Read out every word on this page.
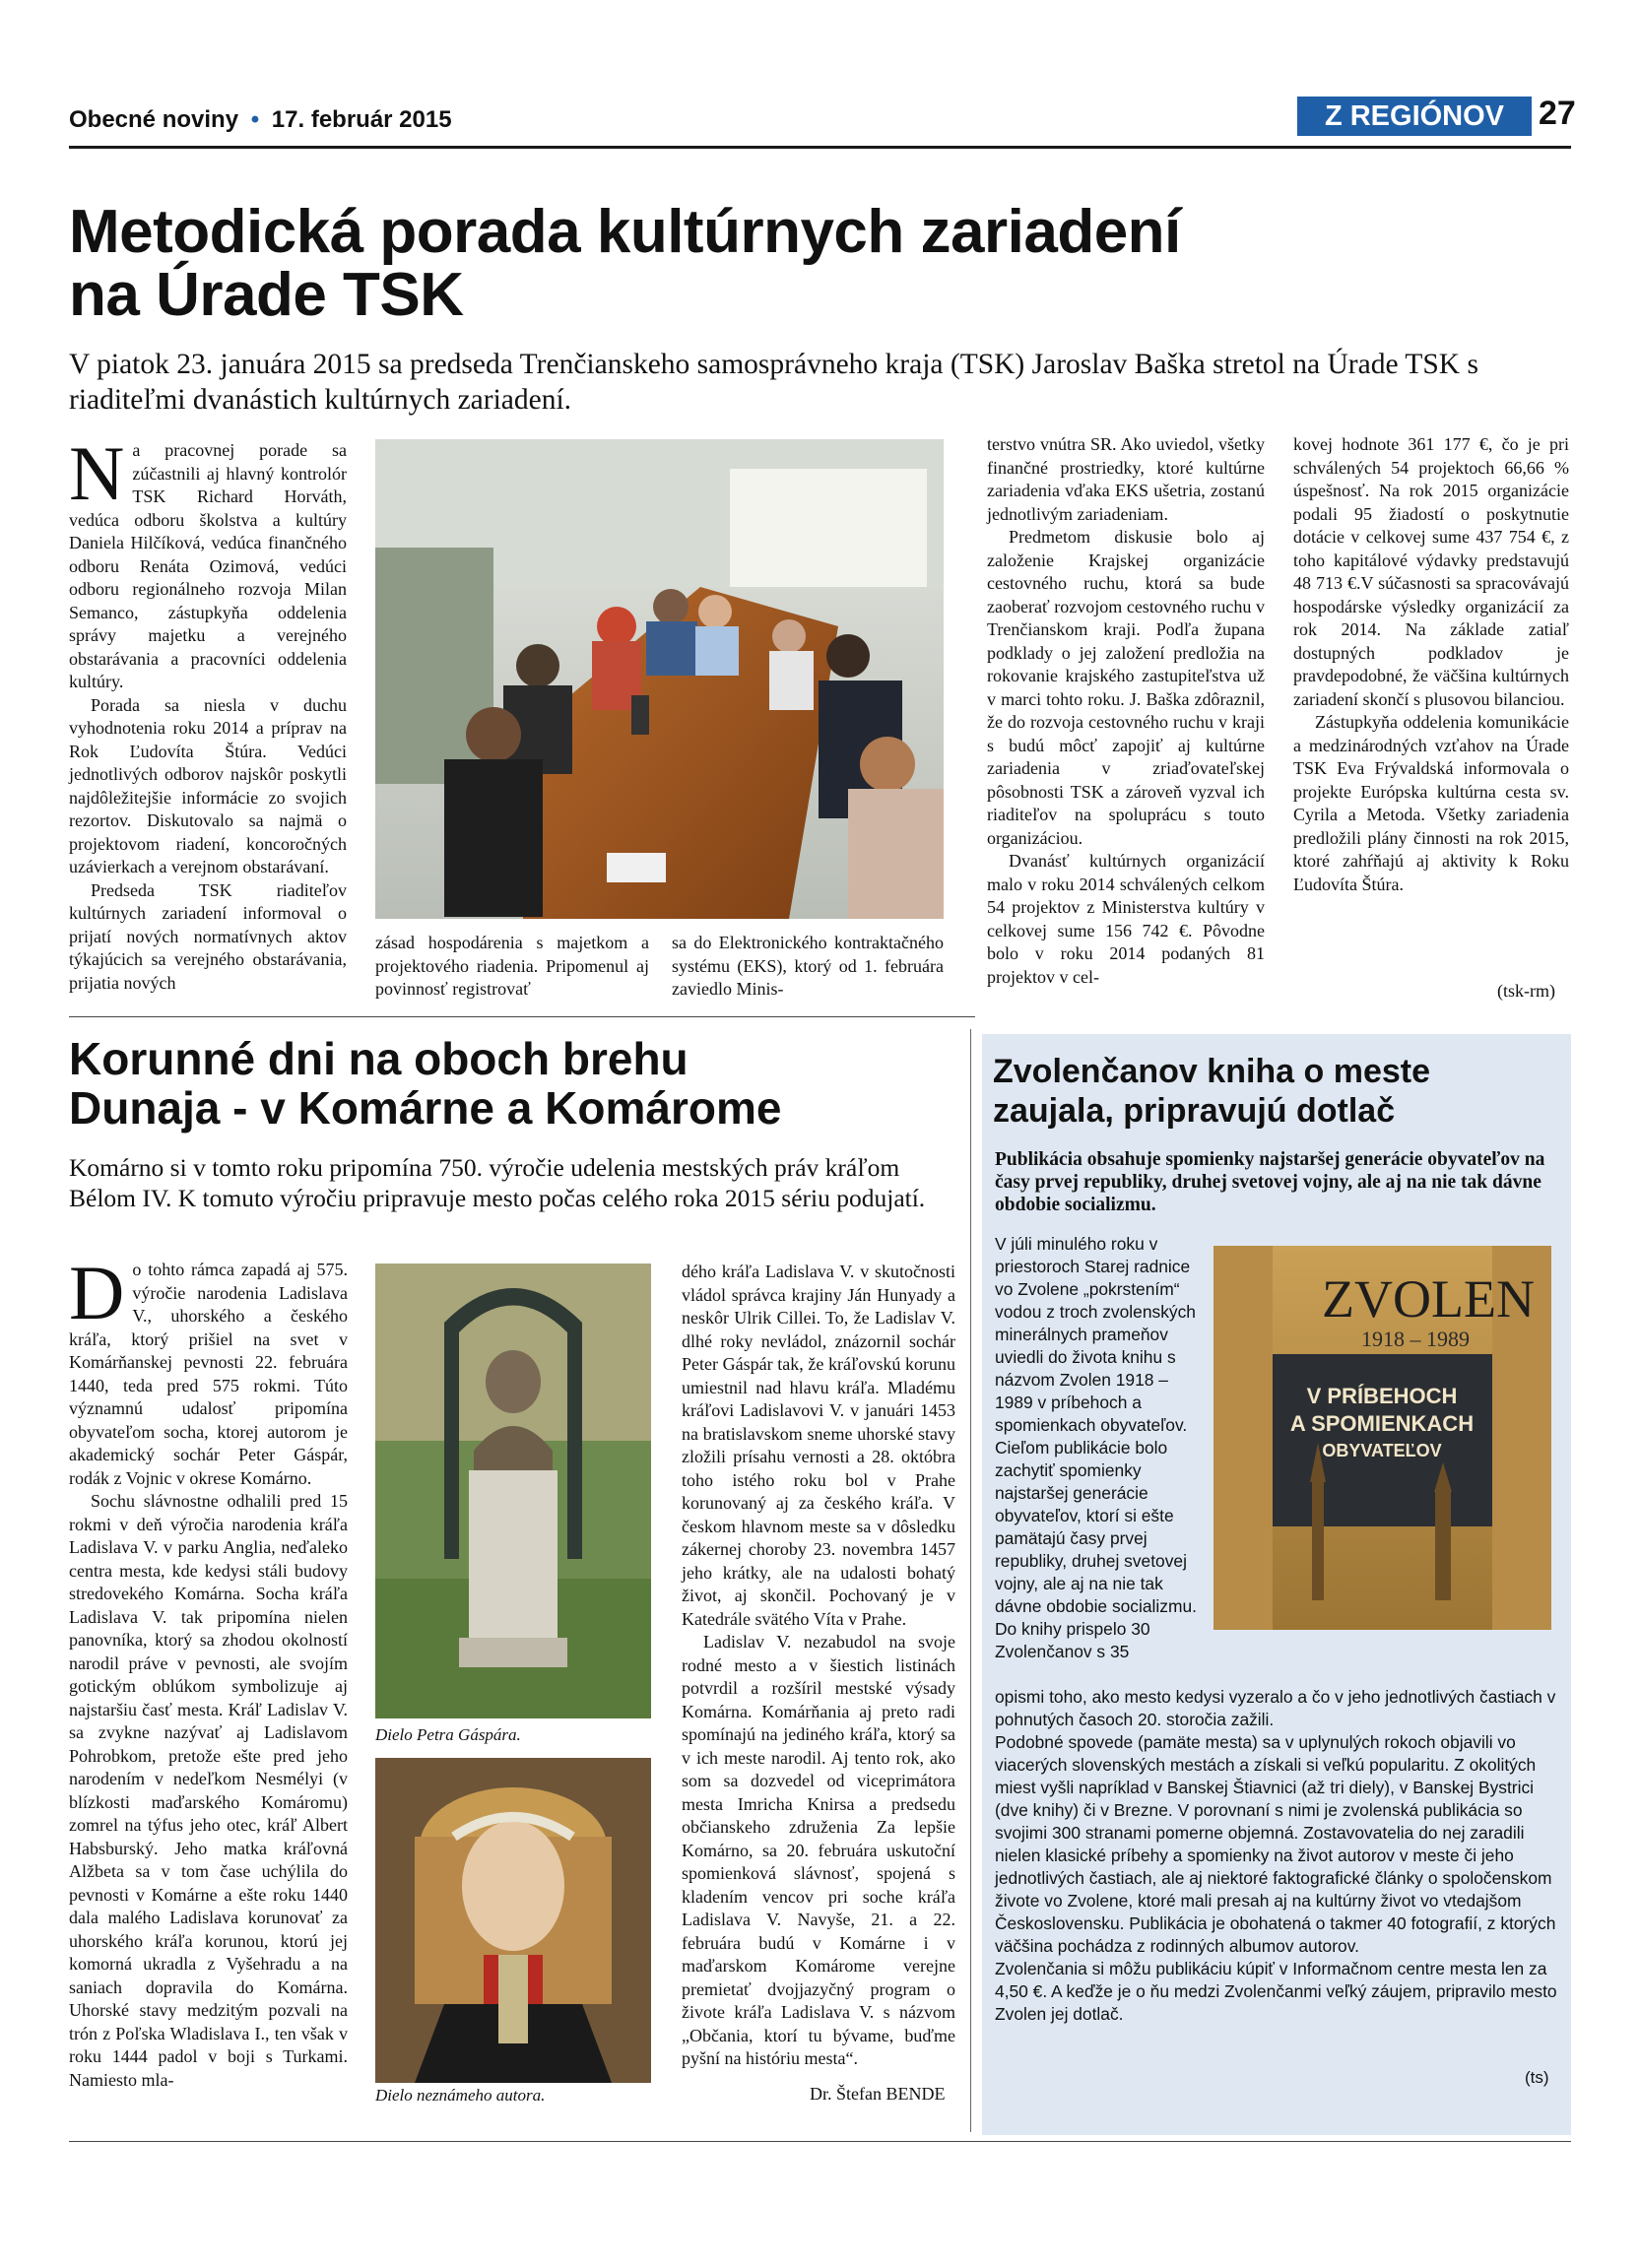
Obecné noviny • 17. február 2015	Z REGIÓNOV	27
Metodická porada kultúrnych zariadení
na Úrade TSK
V piatok 23. januára 2015 sa predseda Trenčianskeho samosprávneho kraja (TSK) Jaroslav Baška stretol na Úrade TSK s riaditeľmi dvanástich kultúrnych zariadení.

Na pracovnej porade sa zúčastnili aj hlavný kontrolór TSK Richard Horváth, vedúca odboru školstva a kultúry Daniela Hilčíková, vedúca finančného odboru Renáta Ozimová, vedúci odboru regionálneho rozvoja Milan Semanco, zástupkyňa oddelenia správy majetku a verejného obstarávania a pracovníci oddelenia kultúry.

Porada sa niesla v duchu vyhodnotenia roku 2014 a príprav na Rok Ľudovíta Štúra. Vedúci jednotlivých odborov najskôr poskytli najdôležitejšie informácie zo svojich rezortov. Diskutovalo sa najmä o projektovom riadení, koncoročných uzávierkach a verejnom obstarávaní.

Predseda TSK riaditeľov kultúrnych zariadení informoval o prijatí nových normatívnych aktov týkajúcich sa verejného obstarávania, prijatia nových

zásad hospodárenia s majetkom a projektového riadenia. Pripomenul aj povinnosť registrovať

sa do Elektronického kontraktačného systému (EKS), ktorý od 1. februára zaviedlo Minis-

terstvo vnútra SR. Ako uviedol, všetky finančné prostriedky, ktoré kultúrne zariadenia vďaka EKS ušetria, zostanú jednotlivým zariadeniam.

Predmetom diskusie bolo aj založenie Krajskej organizácie cestovného ruchu, ktorá sa bude zaoberať rozvojom cestovného ruchu v Trenčianskom kraji. Podľa župana podklady o jej založení predložia na rokovanie krajského zastupiteľstva už v marci tohto roku. J. Baška zdôraznil, že do rozvoja cestovného ruchu v kraji s budú môcť zapojiť aj kultúrne zariadenia v zriaďovateľskej pôsobnosti TSK a zároveň vyzval ich riaditeľov na spoluprácu s touto organizáciou.

Dvanásť kultúrnych organizácií malo v roku 2014 schválených celkom 54 projektov z Ministerstva kultúry v celkovej sume 156 742 €. Pôvodne bolo v roku 2014 podaných 81 projektov v cel-

kovej hodnote 361 177 €, čo je pri schválených 54 projektoch 66,66 % úspešnosť. Na rok 2015 organizácie podali 95 žiadostí o poskytnutie dotácie v celkovej sume 437 754 €, z toho kapitálové výdavky predstavujú 48 713 €.V súčasnosti sa spracovávajú hospodárske výsledky organizácií za rok 2014. Na základe zatiaľ dostupných podkladov je pravdepodobné, že väčšina kultúrnych zariadení skončí s plusovou bilanciou.

Zástupkyňa oddelenia komunikácie a medzinárodných vzťahov na Úrade TSK Eva Frývaldská informovala o projekte Európska kultúrna cesta sv. Cyrila a Metoda. Všetky zariadenia predložili plány činnosti na rok 2015, ktoré zahŕňajú aj aktivity k Roku Ľudovíta Štúra.

(tsk-rm)
Korunné dni na oboch brehu
Dunaja - v Komárne a Komárome
Komárno si v tomto roku pripomína 750. výročie udelenia mestských práv kráľom Bélom IV. K tomuto výročiu pripravuje mesto počas celého roka 2015 sériu podujatí.

Do tohto rámca zapadá aj 575. výročie narodenia Ladislava V., uhorského a českého kráľa, ktorý prišiel na svet v Komárňanskej pevnosti 22. februára 1440, teda pred 575 rokmi. Túto významnú udalosť pripomína obyvateľom socha, ktorej autorom je akademický sochár Peter Gáspár, rodák z Vojnic v okrese Komárno.

Sochu slávnostne odhalili pred 15 rokmi v deň výročia narodenia kráľa Ladislava V. v parku Anglia, neďaleko centra mesta, kde kedysi stáli budovy stredovekého Komárna. Socha kráľa Ladislava V. tak pripomína nielen panovníka, ktorý sa zhodou okolností narodil práve v pevnosti, ale svojím gotickým oblúkom symbolizuje aj najstaršiu časť mesta. Kráľ Ladislav V. sa zvykne nazývať aj Ladislavom Pohrobkom, pretože ešte pred jeho narodením v nedeľkom Nesmélyi (v blízkosti maďarského Komáromu) zomrel na týfus jeho otec, kráľ Albert Habsburský. Jeho matka kráľovná Alžbeta sa v tom čase uchýlila do pevnosti v Komárne a ešte roku 1440 dala malého Ladislava korunovať za uhorského kráľa korunou, ktorú jej komorná ukradla z Vyšehradu a na saniach dopravila do Komárna. Uhorské stavy medzitým pozvali na trón z Poľska Wladislava I., ten však v roku 1444 padol v boji s Turkami. Namiesto mla-

Dielo Petra Gáspára.
Dielo neznámeho autora.

dého kráľa Ladislava V. v skutočnosti vládol správca krajiny Ján Hunyady a neskôr Ulrik Cillei. To, že Ladislav V. dlhé roky nevládol, znázornil sochár Peter Gáspár tak, že kráľovskú korunu umiestnil nad hlavu kráľa. Mladému kráľovi Ladislavovi V. v januári 1453 na bratislavskom sneme uhorské stavy zložili prísahu vernosti a 28. októbra toho istého roku bol v Prahe korunovaný aj za českého kráľa. V českom hlavnom meste sa v dôsledku zákernej choroby 23. novembra 1457 jeho krátky, ale na udalosti bohatý život, aj skončil. Pochovaný je v Katedrále svätého Víta v Prahe.

Ladislav V. nezabudol na svoje rodné mesto a v šiestich listinách potvrdil a rozšíril mestské výsady Komárna. Komárňania aj preto radi spomínajú na jediného kráľa, ktorý sa v ich meste narodil. Aj tento rok, ako som sa dozvedel od viceprimátora mesta Imricha Knirsa a predsedu občianskeho združenia Za lepšie Komárno, sa 20. februára uskutoční spomienková slávnosť, spojená s kladením vencov pri soche kráľa Ladislava V. Navyše, 21. a 22. februára budú v Komárne i v maďarskom Komárome verejne premietať dvojjazyčný program o živote kráľa Ladislava V. s názvom „Občania, ktorí tu bývame, buďme pyšní na históriu mesta“.

Dr. Štefan BENDE
Zvolenčanov kniha o meste
zaujala, pripravujú dotlač
Publikácia obsahuje spomienky najstaršej generácie obyvateľov na časy prvej republiky, druhej svetovej vojny, ale aj na nie tak dávne obdobie socializmu.

V júli minulého roku v priestoroch Starej radnice vo Zvolene „pokrstením“ vodou z troch zvolenských minerálnych prameňov uviedli do života knihu s názvom Zvolen 1918 – 1989 v príbehoch a spomienkach obyvateľov. Cieľom publikácie bolo zachytiť spomienky najstaršej generácie obyvateľov, ktorí si ešte pamätajú časy prvej republiky, druhej svetovej vojny, ale aj na nie tak dávne obdobie socializmu. Do knihy prispelo 30 Zvolenčanov s 35

ZVOLEN
1918 – 1989
V PRÍBEHOCH
A SPOMIENKACH
OBYVATEĽOV

opismi toho, ako mesto kedysi vyzeralo a čo v jeho jednotlivých častiach v pohnutých časoch 20. storočia zažili.

Podobné spovede (pamäte mesta) sa v uplynulých rokoch objavili vo viacerých slovenských mestách a získali si veľkú popularitu. Z okolitých miest vyšli napríklad v Banskej Štiavnici (až tri diely), v Banskej Bystrici (dve knihy) či v Brezne. V porovnaní s nimi je zvolenská publikácia so svojimi 300 stranami pomerne objemná. Zostavovatelia do nej zaradili nielen klasické príbehy a spomienky na život autorov v meste či jeho jednotlivých častiach, ale aj niektoré faktografické články o spoločenskom živote vo Zvolene, ktoré mali presah aj na kultúrny život vo vtedajšom Československu. Publikácia je obohatená o takmer 40 fotografií, z ktorých väčšina pochádza z rodinných albumov autorov.

Zvolenčania si môžu publikáciu kúpiť v Informačnom centre mesta len za 4,50 €. A keďže je o ňu medzi Zvolenčanmi veľký záujem, pripravilo mesto Zvolen jej dotlač.

(ts)
